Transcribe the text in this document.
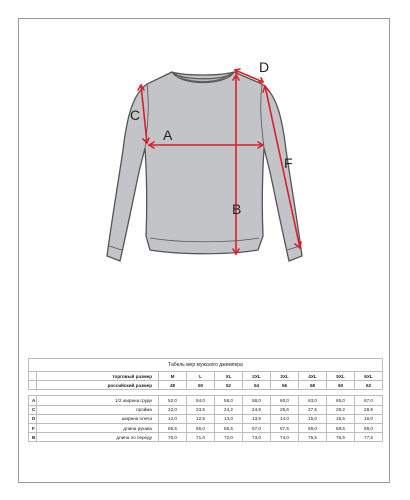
A
B
C
D
F
Табель мер мужского джемпера									
	торговый размер	M	L	XL	2XL	3XL	4XL	5XL	6XL
	российский размер	48	50	52	54	56	58	60	62

A	1/2 ширина груди	52,0	54,0	56,0	58,0	60,0	63,0	65,0	67,0
C	пройма	22,0	23,5	24,2	24,9	25,6	27,5	28,2	28,9
D	ширина плеча	12,0	12,5	13,0	13,5	14,0	15,0	15,5	16,0
F	длина рукава	65,5	66,0	66,5	67,0	67,5	68,0	68,5	69,0
B	длина по переду	70,0	71,0	72,0	73,0	74,0	75,5	76,5	77,5
